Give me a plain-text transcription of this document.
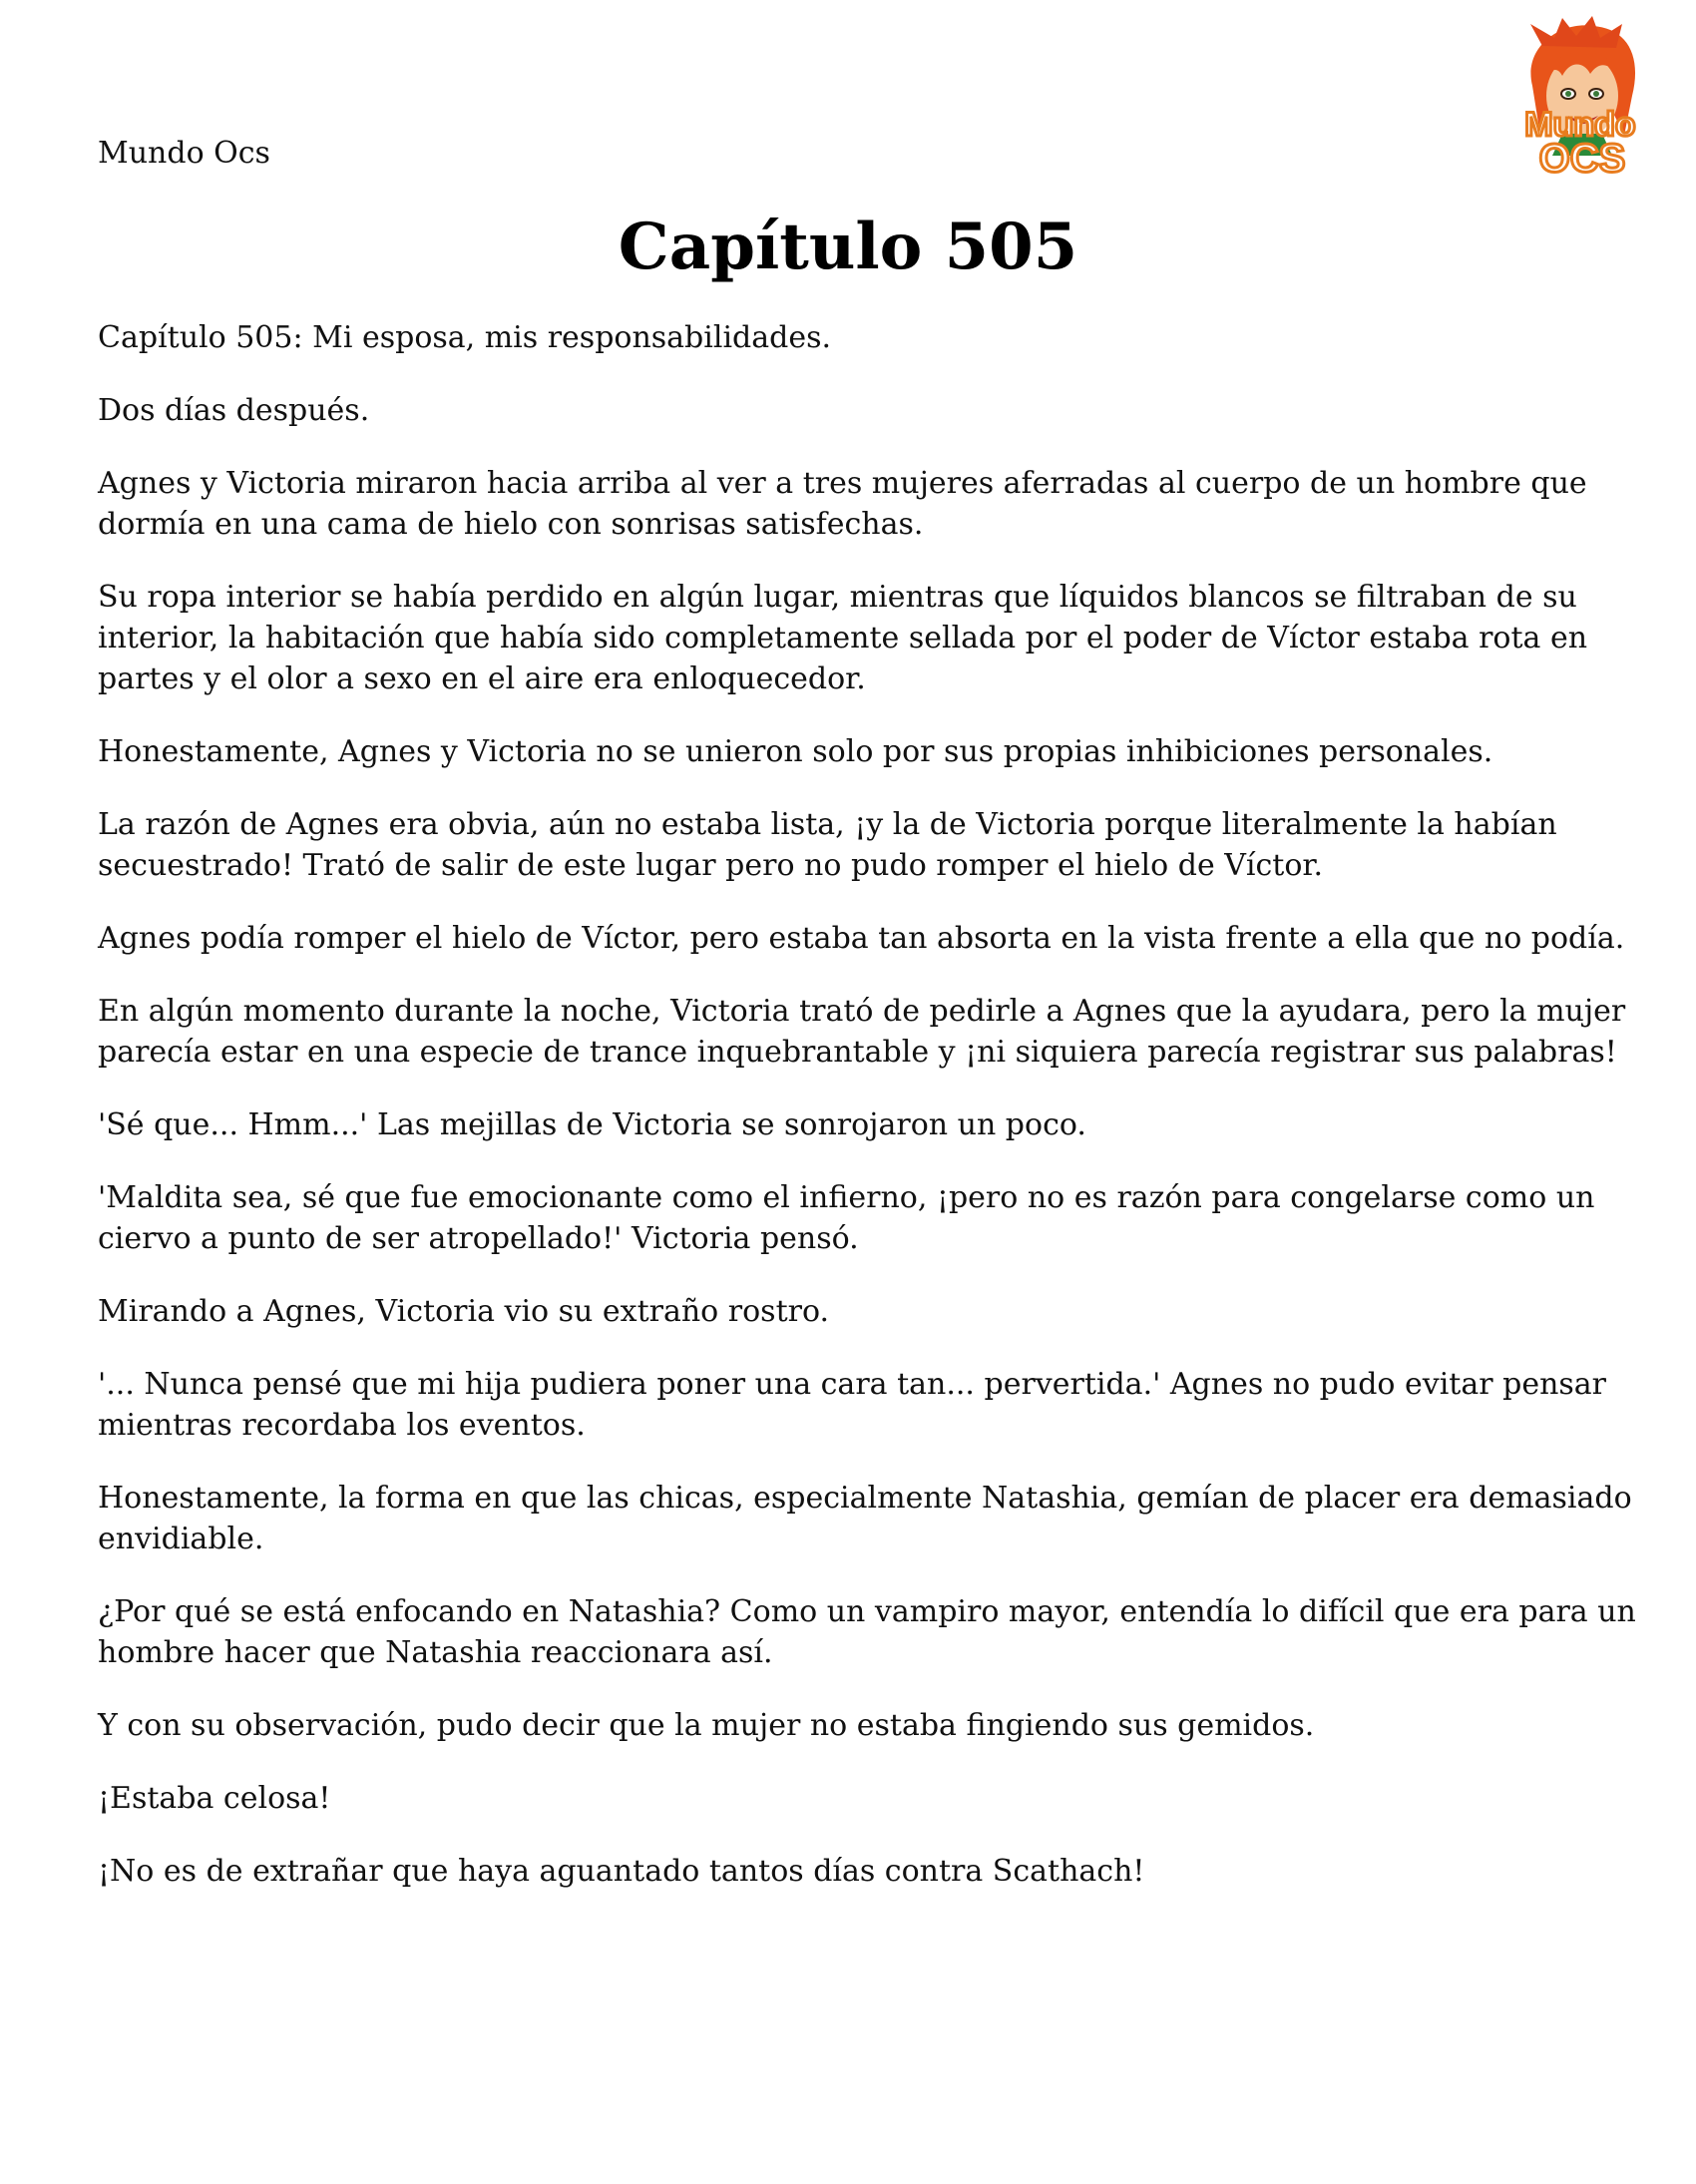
Mundo Ocs
Mundo
OCS
Capítulo 505

Capítulo 505: Mi esposa, mis responsabilidades.

Dos días después.

Agnes y Victoria miraron hacia arriba al ver a tres mujeres aferradas al cuerpo de un hombre que dormía en una cama de hielo con sonrisas satisfechas.

Su ropa interior se había perdido en algún lugar, mientras que líquidos blancos se filtraban de su interior, la habitación que había sido completamente sellada por el poder de Víctor estaba rota en partes y el olor a sexo en el aire era enloquecedor.

Honestamente, Agnes y Victoria no se unieron solo por sus propias inhibiciones personales.

La razón de Agnes era obvia, aún no estaba lista, ¡y la de Victoria porque literalmente la habían secuestrado! Trató de salir de este lugar pero no pudo romper el hielo de Víctor.

Agnes podía romper el hielo de Víctor, pero estaba tan absorta en la vista frente a ella que no podía.

En algún momento durante la noche, Victoria trató de pedirle a Agnes que la ayudara, pero la mujer parecía estar en una especie de trance inquebrantable y ¡ni siquiera parecía registrar sus palabras!

'Sé que... Hmm...' Las mejillas de Victoria se sonrojaron un poco.

'Maldita sea, sé que fue emocionante como el infierno, ¡pero no es razón para congelarse como un ciervo a punto de ser atropellado!' Victoria pensó.

Mirando a Agnes, Victoria vio su extraño rostro.

'... Nunca pensé que mi hija pudiera poner una cara tan... pervertida.' Agnes no pudo evitar pensar mientras recordaba los eventos.

Honestamente, la forma en que las chicas, especialmente Natashia, gemían de placer era demasiado envidiable.

¿Por qué se está enfocando en Natashia? Como un vampiro mayor, entendía lo difícil que era para un hombre hacer que Natashia reaccionara así.

Y con su observación, pudo decir que la mujer no estaba fingiendo sus gemidos.

¡Estaba celosa!

¡No es de extrañar que haya aguantado tantos días contra Scathach!
